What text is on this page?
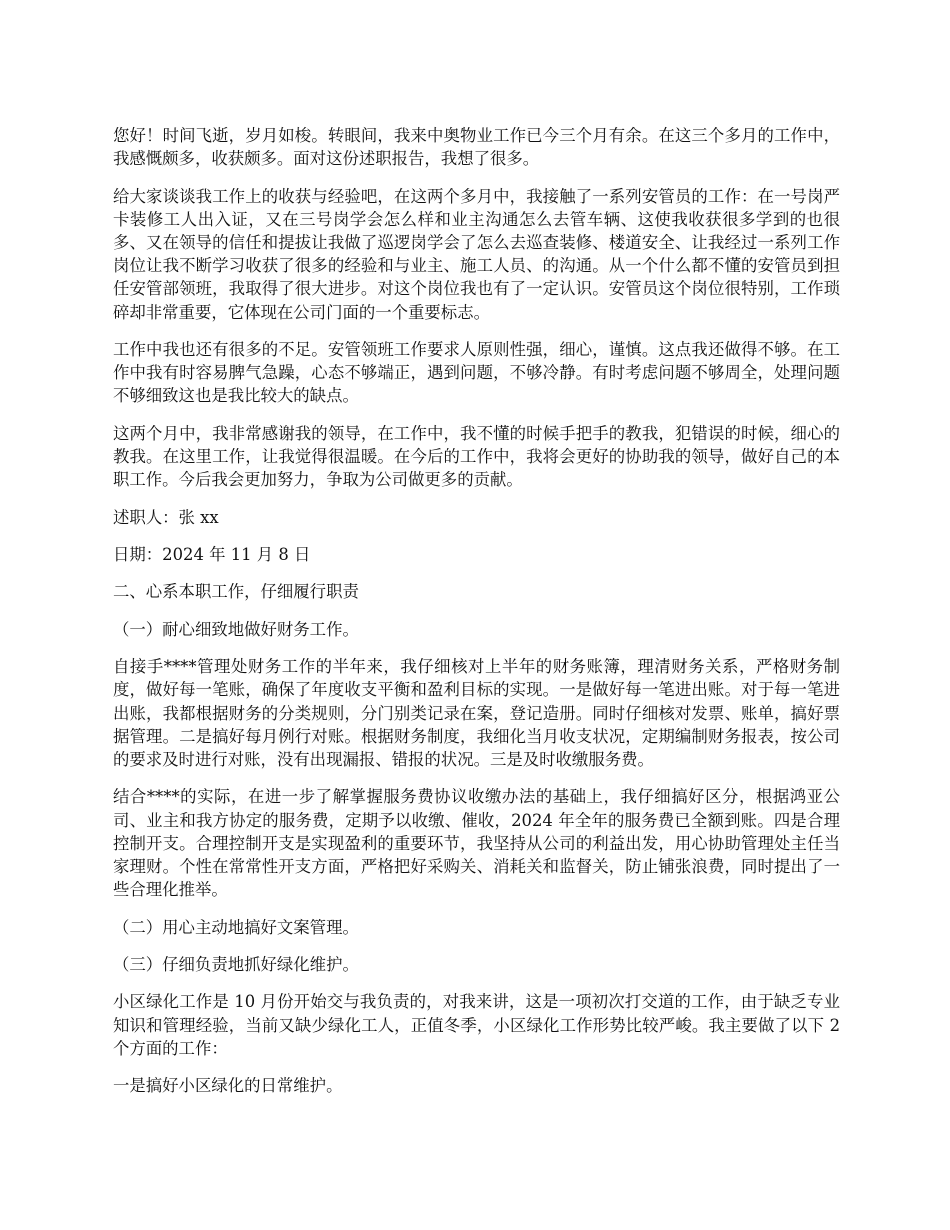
您好！时间飞逝，岁月如梭。转眼间，我来中奥物业工作已今三个月有余。在这三个多月的工作中，我感慨颇多，收获颇多。面对这份述职报告，我想了很多。

给大家谈谈我工作上的收获与经验吧，在这两个多月中，我接触了一系列安管员的工作：在一号岗严卡装修工人出入证，又在三号岗学会怎么样和业主沟通怎么去管车辆、这使我收获很多学到的也很多、又在领导的信任和提拔让我做了巡逻岗学会了怎么去巡查装修、楼道安全、让我经过一系列工作岗位让我不断学习收获了很多的经验和与业主、施工人员、的沟通。从一个什么都不懂的安管员到担任安管部领班，我取得了很大进步。对这个岗位我也有了一定认识。安管员这个岗位很特别，工作琐碎却非常重要，它体现在公司门面的一个重要标志。

工作中我也还有很多的不足。安管领班工作要求人原则性强，细心，谨慎。这点我还做得不够。在工作中我有时容易脾气急躁，心态不够端正，遇到问题，不够冷静。有时考虑问题不够周全，处理问题不够细致这也是我比较大的缺点。

这两个月中，我非常感谢我的领导，在工作中，我不懂的时候手把手的教我，犯错误的时候，细心的教我。在这里工作，让我觉得很温暖。在今后的工作中，我将会更好的协助我的领导，做好自己的本职工作。今后我会更加努力，争取为公司做更多的贡献。

述职人：张 xx

日期：2024 年 11 月 8 日

二、心系本职工作，仔细履行职责

（一）耐心细致地做好财务工作。

自接手****管理处财务工作的半年来，我仔细核对上半年的财务账簿，理清财务关系，严格财务制度，做好每一笔账，确保了年度收支平衡和盈利目标的实现。一是做好每一笔进出账。对于每一笔进出账，我都根据财务的分类规则，分门别类记录在案，登记造册。同时仔细核对发票、账单，搞好票据管理。二是搞好每月例行对账。根据财务制度，我细化当月收支状况，定期编制财务报表，按公司的要求及时进行对账，没有出现漏报、错报的状况。三是及时收缴服务费。

结合****的实际，在进一步了解掌握服务费协议收缴办法的基础上，我仔细搞好区分，根据鸿亚公司、业主和我方协定的服务费，定期予以收缴、催收，2024 年全年的服务费已全额到账。四是合理控制开支。合理控制开支是实现盈利的重要环节，我坚持从公司的利益出发，用心协助管理处主任当家理财。个性在常常性开支方面，严格把好采购关、消耗关和监督关，防止铺张浪费，同时提出了一些合理化推举。

（二）用心主动地搞好文案管理。

（三）仔细负责地抓好绿化维护。

小区绿化工作是 10 月份开始交与我负责的，对我来讲，这是一项初次打交道的工作，由于缺乏专业知识和管理经验，当前又缺少绿化工人，正值冬季，小区绿化工作形势比较严峻。我主要做了以下 2 个方面的工作：

一是搞好小区绿化的日常维护。
